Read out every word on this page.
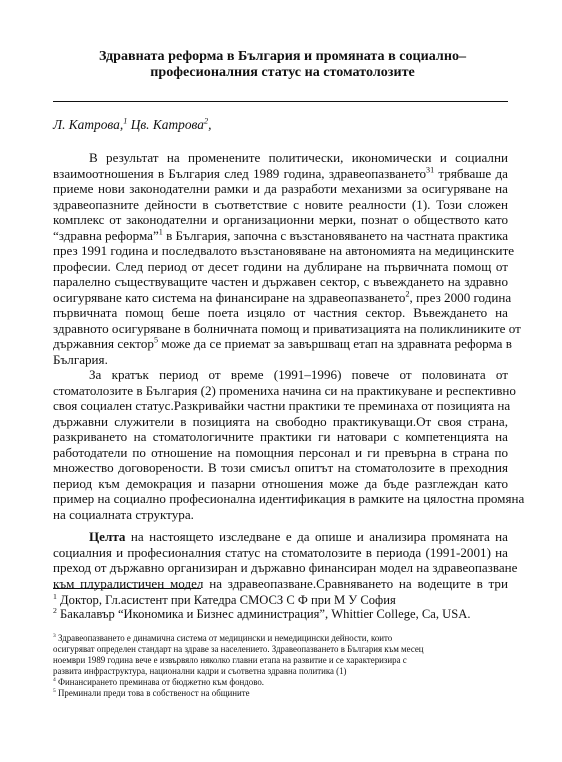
Здравната реформа в България и промяната в социално–
професионалния статус на стоматолозите
Л. Катрова,$^1$ Цв. Катрова$^2$,
В результат на променените политически, икономически и социални
взаимоотношения в България след 1989 година, здравеопазването$^{31}$ трябваше да
приеме нови законодателни рамки и да разработи механизми за осигуряване на
здравеопазните дейности в съответствие с новите реалности (1). Този сложен
комплекс от законодателни и организационни мерки, познат о обществото като
“здравна реформа”$^1$ в България, започна с възстановяването на частната практика
през 1991 година и последвалото възстановяване на автономията на медицинските
професии. След период от десет години на дублиране на първичната помощ от
паралелно съществуващите частен и държавен сектор, с въвеждането на здравно
осигуряване като система на финансиране на здравеопазването$^2$, през 2000 година
първичната помощ беше поета изцяло от частния сектор. Въвеждането на
здравното осигуряване в болничната помощ и приватизацията на поликлиниките от
държавния сектор$^5$ може да се приемат за завършващ етап на здравната реформа в
България.
За кратък период от време (1991–1996) повече от половината от
стоматолозите в България (2) промениха начина си на практикуване и респективно
своя социален статус.Разкривайки частни практики те преминаха от позицията на
държавни служители в позицията на свободно практикуващи.От своя страна,
разкриването на стоматологичните практики ги натовари с компетенцията на
работодатели по отношение на помощния персонал и ги превърна в страна по
множество договорености. В този смисъл опитът на стоматолозите в преходния
период към демокрация и пазарни отношения може да бъде разглеждан като
пример на социално професионална идентификация в рамките на цялостна промяна
на социалната структура.
Целта на настоящето изследване е да опише и анализира промяната на
социалния и професионалния статус на стоматолозите в периода (1991-2001) на
преход от държавно организиран и държавно финансиран модел на здравеопазване
към плуралистичен модел на здравеопазване.Сравняването на водещите в три
$^1$ Доктор, Гл.асистент при Катедра СМОСЗ С Ф при М У София
$^2$ Бакалавър “Икономика и Бизнес администрация”, Whittier College, Ca, USA.
$^3$ Здравеопазването е динамична система от медицински и немедицински дейности, които
осигуряват определен стандарт на здраве за населението. Здравеопазването в България към месец
ноември 1989 година вече е извървяло няколко главни етапа на развитие и се характеризира с
развита инфраструктура, национални кадри и съответна здравна политика (1)
$^4$ Финансирането преминава от бюджетно към фондово.
$^5$ Преминали преди това в собственост на общините
